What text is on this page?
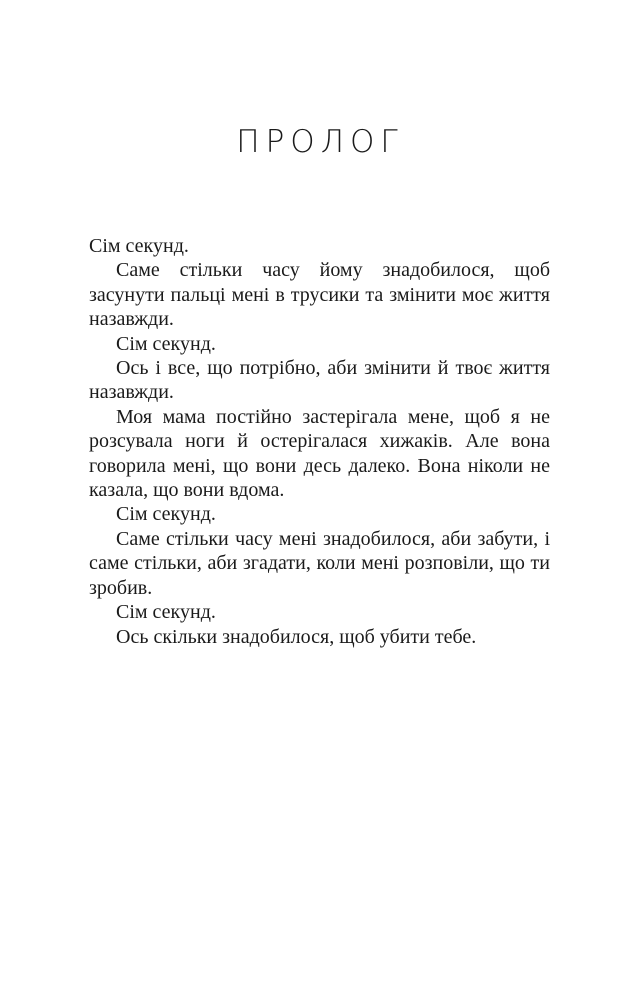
ПРОЛОГ

Сім секунд.

Саме стільки часу йому знадобилося, щоб засунути пальці мені в трусики та змінити моє життя назавжди.

Сім секунд.

Ось і все, що потрібно, аби змінити й твоє життя назавжди.

Моя мама постійно застерігала мене, щоб я не розсувала ноги й остерігалася хижаків. Але вона говорила мені, що вони десь далеко. Вона ніколи не казала, що вони вдома.

Сім секунд.

Саме стільки часу мені знадобилося, аби забути, і саме стільки, аби згадати, коли мені розповіли, що ти зробив.

Сім секунд.

Ось скільки знадобилося, щоб убити тебе.
